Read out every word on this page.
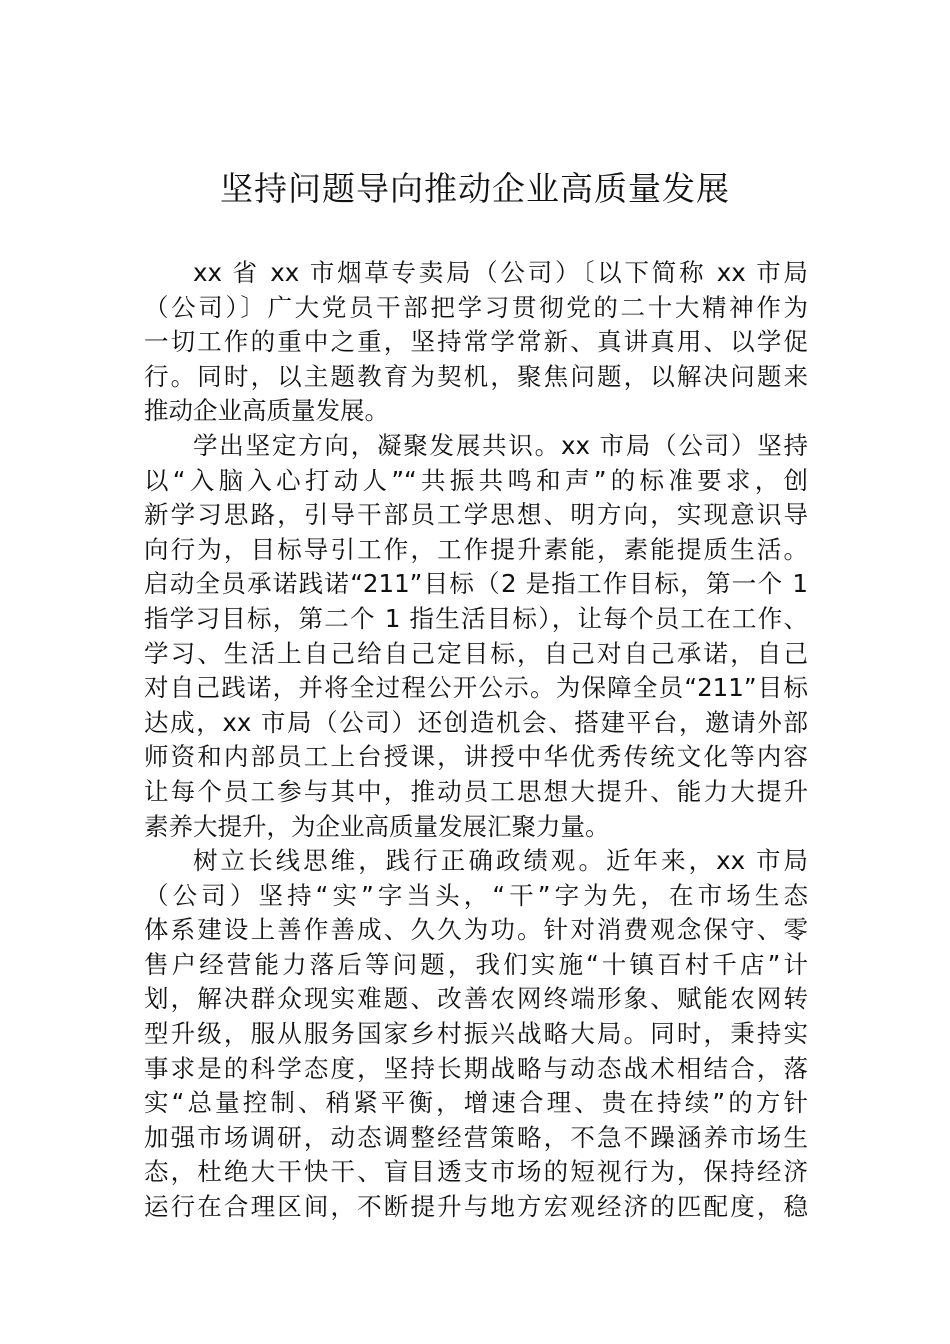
坚持问题导向推动企业高质量发展
xx 省 xx 市烟草专卖局（公司）〔以下简称 xx 市局
（公司）〕广大党员干部把学习贯彻党的二十大精神作为
一切工作的重中之重，坚持常学常新、真讲真用、以学促
行。同时，以主题教育为契机，聚焦问题，以解决问题来
推动企业高质量发展。
学出坚定方向，凝聚发展共识。xx 市局（公司）坚持
以“入脑入心打动人”“共振共鸣和声”的标准要求，创
新学习思路，引导干部员工学思想、明方向，实现意识导
向行为，目标导引工作，工作提升素能，素能提质生活。
启动全员承诺践诺“211”目标（2 是指工作目标，第一个 1
指学习目标，第二个 1 指生活目标），让每个员工在工作、
学习、生活上自己给自己定目标，自己对自己承诺，自己
对自己践诺，并将全过程公开公示。为保障全员“211”目标
达成，xx 市局（公司）还创造机会、搭建平台，邀请外部
师资和内部员工上台授课，讲授中华优秀传统文化等内容
让每个员工参与其中，推动员工思想大提升、能力大提升
素养大提升，为企业高质量发展汇聚力量。
树立长线思维，践行正确政绩观。近年来，xx 市局
（公司）坚持“实”字当头，“干”字为先，在市场生态
体系建设上善作善成、久久为功。针对消费观念保守、零
售户经营能力落后等问题，我们实施“十镇百村千店”计
划，解决群众现实难题、改善农网终端形象、赋能农网转
型升级，服从服务国家乡村振兴战略大局。同时，秉持实
事求是的科学态度，坚持长期战略与动态战术相结合，落
实“总量控制、稍紧平衡，增速合理、贵在持续”的方针
加强市场调研，动态调整经营策略，不急不躁涵养市场生
态，杜绝大干快干、盲目透支市场的短视行为，保持经济
运行在合理区间，不断提升与地方宏观经济的匹配度，稳
